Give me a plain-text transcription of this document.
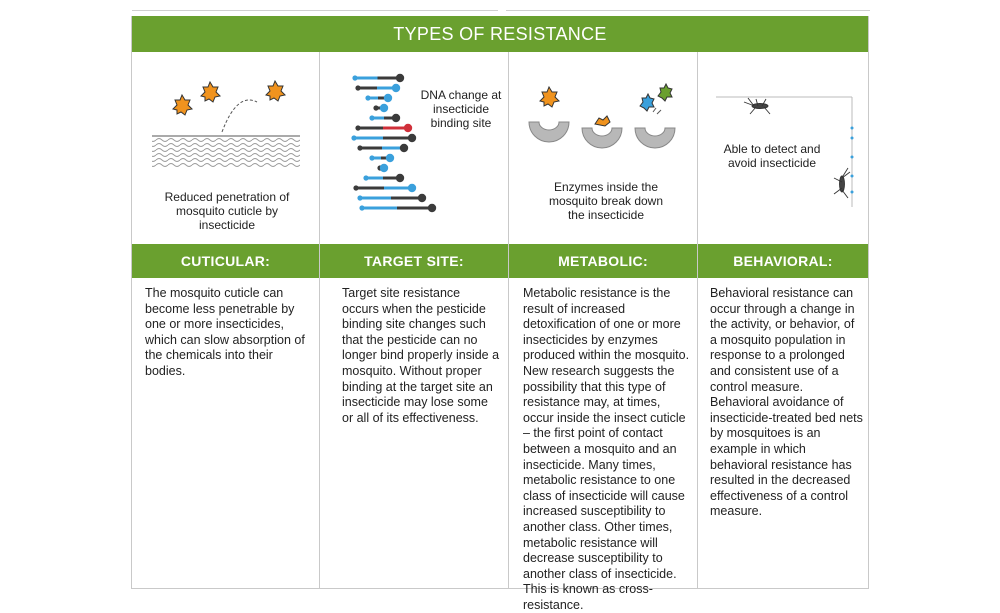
TYPES OF RESISTANCE
Reduced penetration of mosquito cuticle by insecticide
CUTICULAR:
The mosquito cuticle can become less penetrable by one or more insecticides, which can slow absorption of the chemicals into their bodies.
DNA change at insecticide binding site
TARGET SITE:
Target site resistance occurs when the pesticide binding site changes such that the pesticide can no longer bind properly inside a mosquito. Without proper binding at the target site an insecticide may lose some or all of its effectiveness.
Enzymes inside the mosquito break down the insecticide
METABOLIC:
Metabolic resistance is the result of increased detoxification of one or more insecticides by enzymes produced within the mosquito. New research suggests the possibility that this type of resistance may, at times, occur inside the insect cuticle – the first point of contact between a mosquito and an insecticide. Many times, metabolic resistance to one class of insecticide will cause increased susceptibility to another class. Other times, metabolic resistance will decrease susceptibility to another class of insecticide. This is known as cross-resistance.
Able to detect and avoid insecticide
BEHAVIORAL:
Behavioral resistance can occur through a change in the activity, or behavior, of a mosquito population in response to a prolonged and consistent use of a control measure. Behavioral avoidance of insecticide-treated bed nets by mosquitoes is an example in which behavioral resistance has resulted in the decreased effectiveness of a control measure.
